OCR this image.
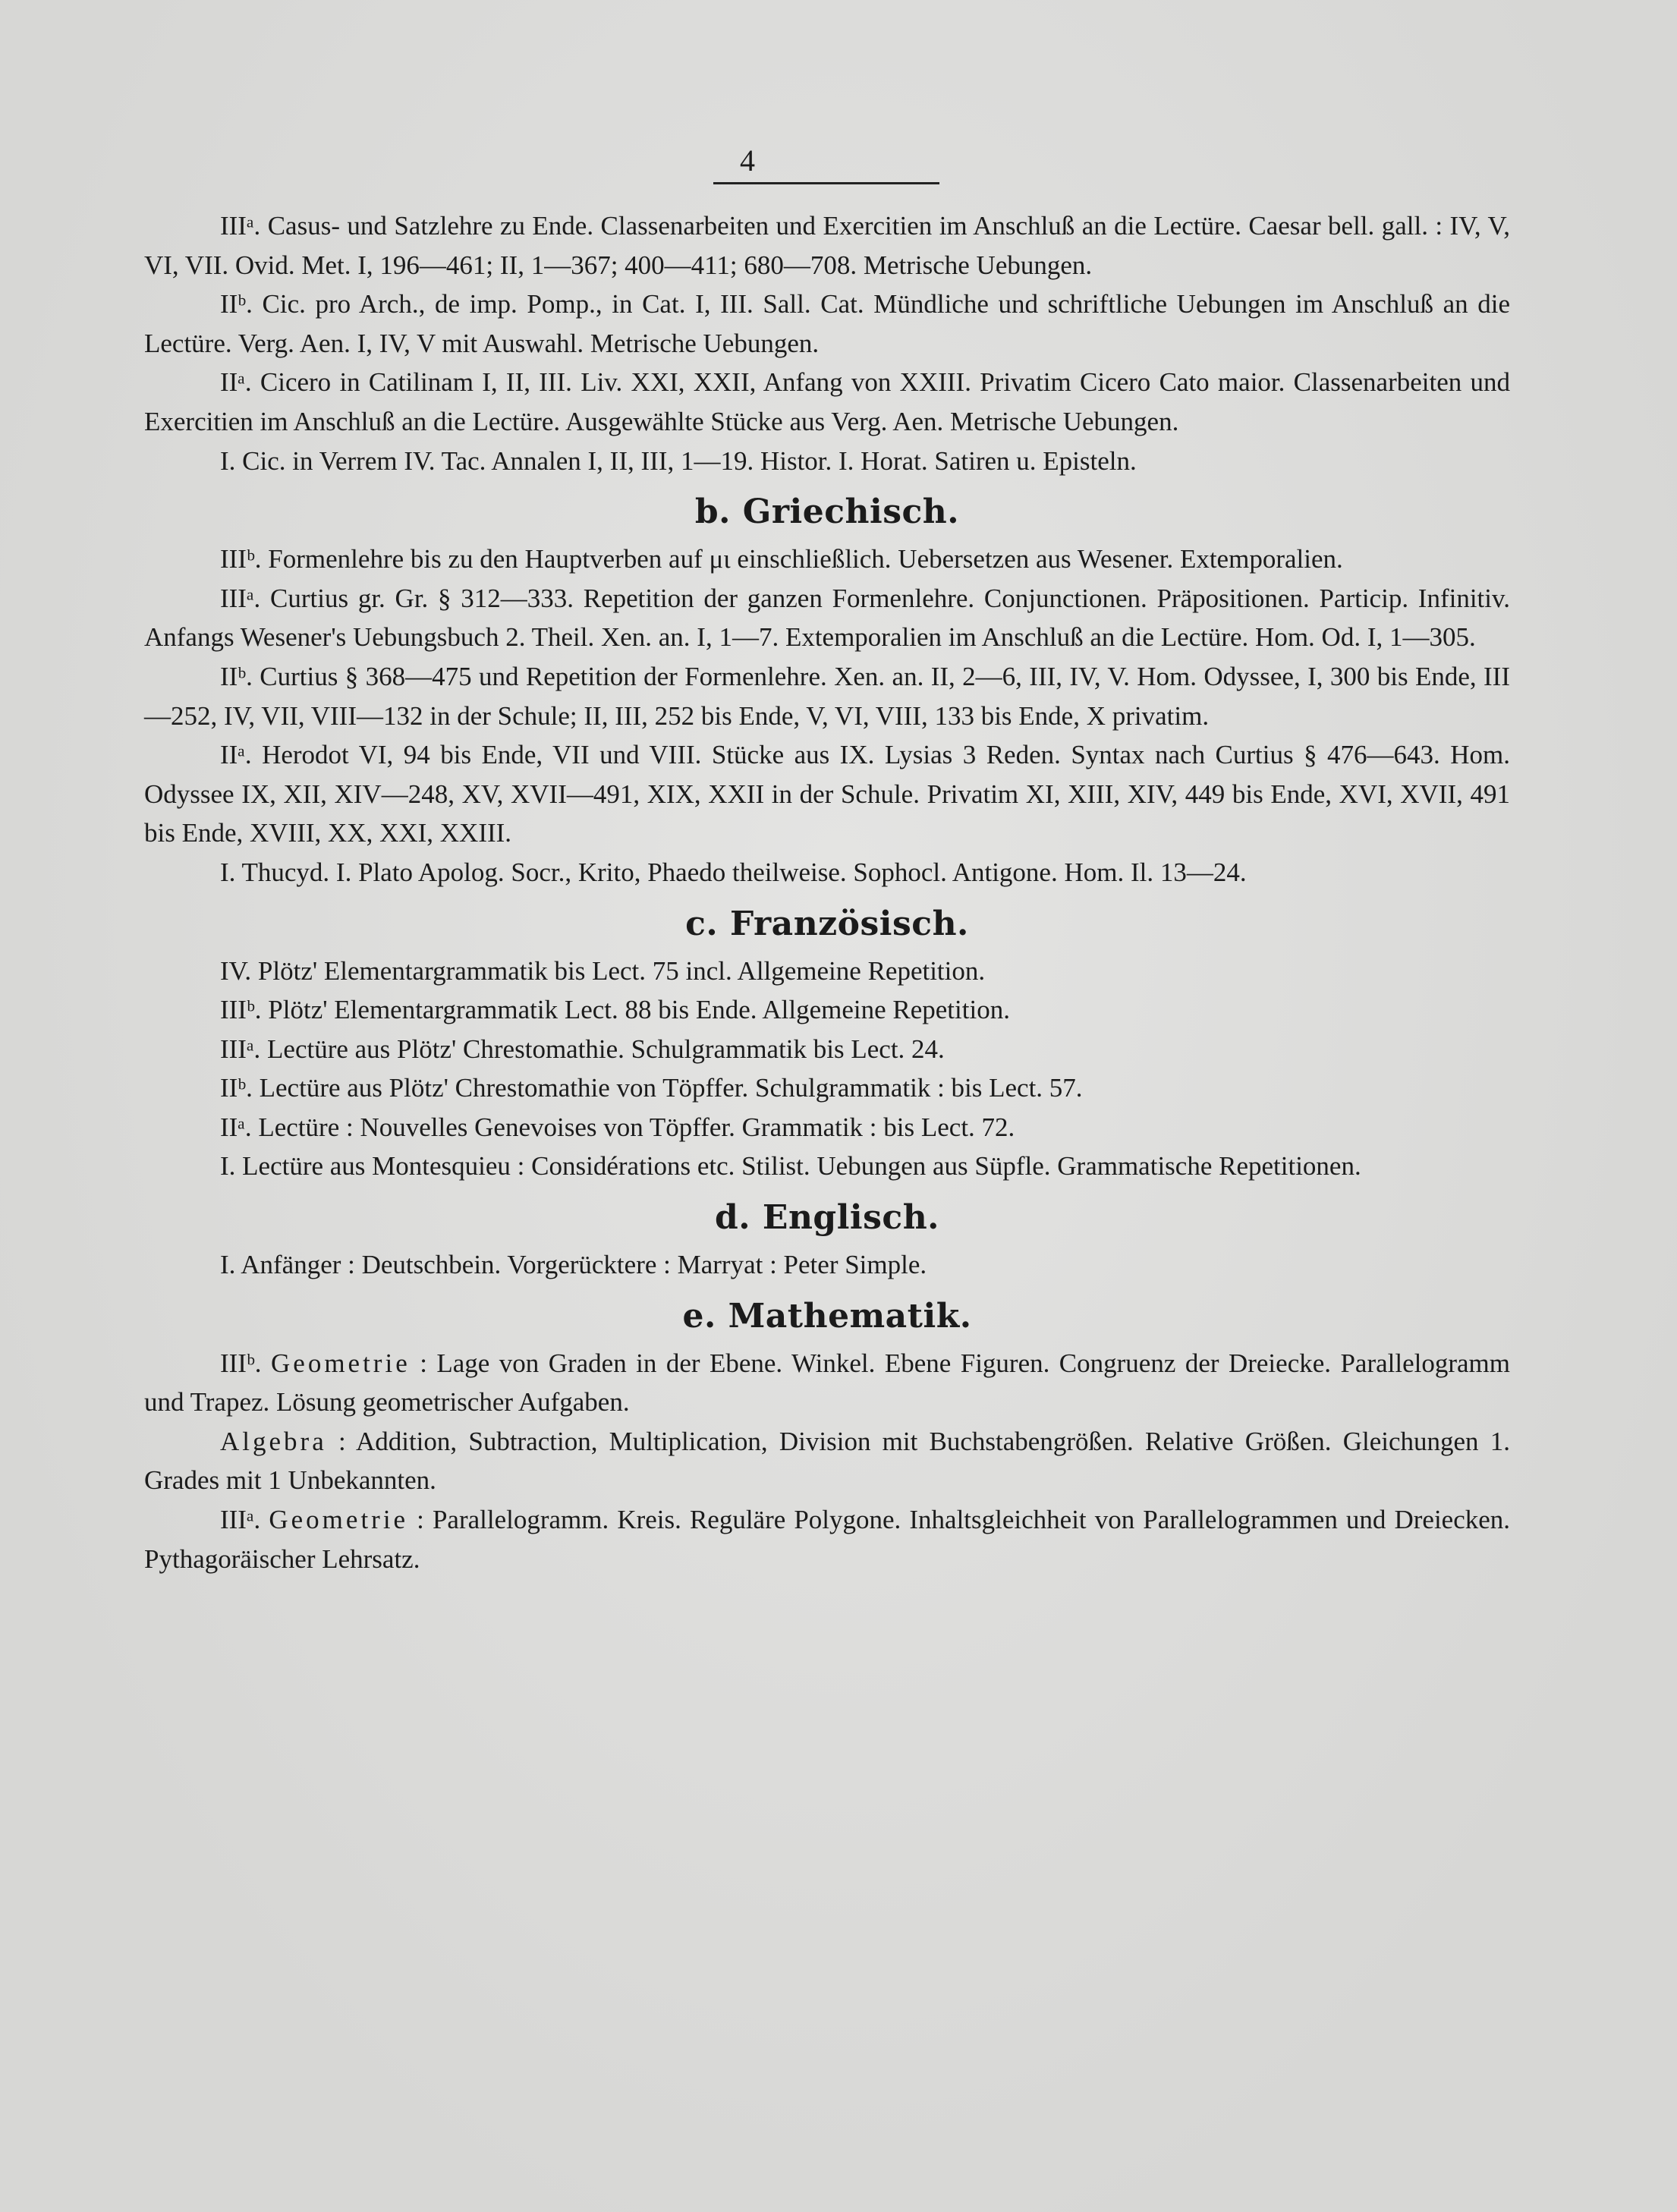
4

IIIᵃ. Casus- und Satzlehre zu Ende. Classenarbeiten und Exercitien im Anschluß an die Lectüre. Caesar bell. gall. : IV, V, VI, VII. Ovid. Met. I, 196—461; II, 1—367; 400—411; 680—708. Metrische Uebungen.

IIᵇ. Cic. pro Arch., de imp. Pomp., in Cat. I, III. Sall. Cat. Mündliche und schriftliche Uebungen im Anschluß an die Lectüre. Verg. Aen. I, IV, V mit Auswahl. Metrische Uebungen.

IIᵃ. Cicero in Catilinam I, II, III. Liv. XXI, XXII, Anfang von XXIII. Privatim Cicero Cato maior. Classenarbeiten und Exercitien im Anschluß an die Lectüre. Ausgewählte Stücke aus Verg. Aen. Metrische Uebungen.

I. Cic. in Verrem IV. Tac. Annalen I, II, III, 1—19. Histor. I. Horat. Satiren u. Episteln.

b. Griechisch.

IIIᵇ. Formenlehre bis zu den Hauptverben auf μι einschließlich. Uebersetzen aus Wesener. Extemporalien.

IIIᵃ. Curtius gr. Gr. § 312—333. Repetition der ganzen Formenlehre. Conjunctionen. Präpositionen. Particip. Infinitiv. Anfangs Wesener's Uebungsbuch 2. Theil. Xen. an. I, 1—7. Extemporalien im Anschluß an die Lectüre. Hom. Od. I, 1—305.

IIᵇ. Curtius § 368—475 und Repetition der Formenlehre. Xen. an. II, 2—6, III, IV, V. Hom. Odyssee, I, 300 bis Ende, III—252, IV, VII, VIII—132 in der Schule; II, III, 252 bis Ende, V, VI, VIII, 133 bis Ende, X privatim.

IIᵃ. Herodot VI, 94 bis Ende, VII und VIII. Stücke aus IX. Lysias 3 Reden. Syntax nach Curtius § 476—643. Hom. Odyssee IX, XII, XIV—248, XV, XVII—491, XIX, XXII in der Schule. Privatim XI, XIII, XIV, 449 bis Ende, XVI, XVII, 491 bis Ende, XVIII, XX, XXI, XXIII.

I. Thucyd. I. Plato Apolog. Socr., Krito, Phaedo theilweise. Sophocl. Antigone. Hom. Il. 13—24.

c. Französisch.

IV. Plötz' Elementargrammatik bis Lect. 75 incl. Allgemeine Repetition.

IIIᵇ. Plötz' Elementargrammatik Lect. 88 bis Ende. Allgemeine Repetition.

IIIᵃ. Lectüre aus Plötz' Chrestomathie. Schulgrammatik bis Lect. 24.

IIᵇ. Lectüre aus Plötz' Chrestomathie von Töpffer. Schulgrammatik : bis Lect. 57.

IIᵃ. Lectüre : Nouvelles Genevoises von Töpffer. Grammatik : bis Lect. 72.

I. Lectüre aus Montesquieu : Considérations etc. Stilist. Uebungen aus Süpfle. Grammatische Repetitionen.

d. Englisch.

I. Anfänger : Deutschbein. Vorgerücktere : Marryat : Peter Simple.

e. Mathematik.

IIIᵇ. Geometrie : Lage von Graden in der Ebene. Winkel. Ebene Figuren. Congruenz der Dreiecke. Parallelogramm und Trapez. Lösung geometrischer Aufgaben.

Algebra : Addition, Subtraction, Multiplication, Division mit Buchstabengrößen. Relative Größen. Gleichungen 1. Grades mit 1 Unbekannten.

IIIᵃ. Geometrie : Parallelogramm. Kreis. Reguläre Polygone. Inhaltsgleichheit von Parallelogrammen und Dreiecken. Pythagoräischer Lehrsatz.
